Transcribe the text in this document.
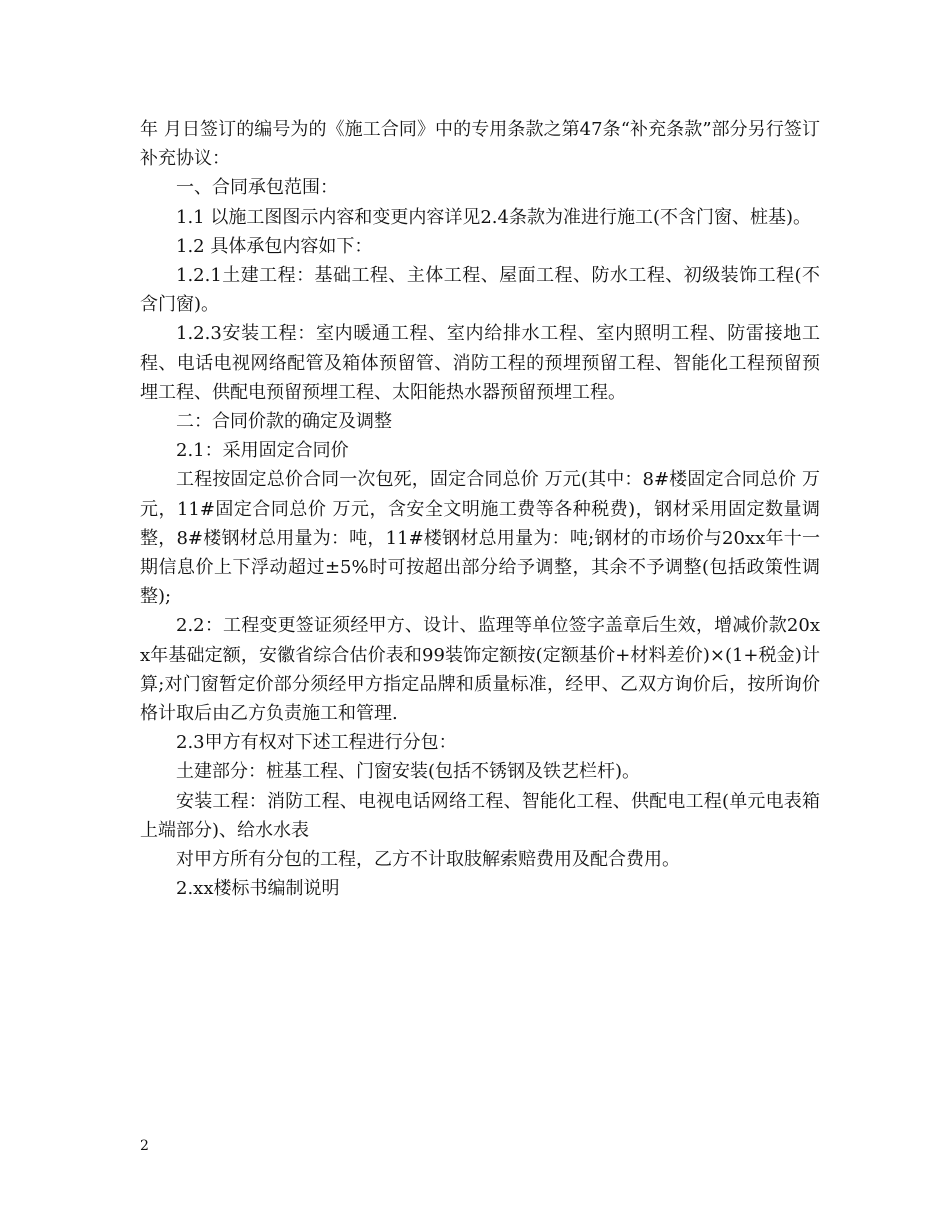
年 月日签订的编号为的《施工合同》中的专用条款之第47条“补充条款”部分另行签订补充协议：

一、合同承包范围：

1.1 以施工图图示内容和变更内容详见2.4条款为准进行施工(不含门窗、桩基)。

1.2 具体承包内容如下：

1.2.1土建工程：基础工程、主体工程、屋面工程、防水工程、初级装饰工程(不含门窗)。

1.2.3安装工程：室内暖通工程、室内给排水工程、室内照明工程、防雷接地工程、电话电视网络配管及箱体预留管、消防工程的预埋预留工程、智能化工程预留预埋工程、供配电预留预埋工程、太阳能热水器预留预埋工程。

二：合同价款的确定及调整

2.1：采用固定合同价

工程按固定总价合同一次包死，固定合同总价 万元(其中：8#楼固定合同总价 万元，11#固定合同总价 万元，含安全文明施工费等各种税费)，钢材采用固定数量调整，8#楼钢材总用量为：吨，11#楼钢材总用量为：吨;钢材的市场价与20xx年十一期信息价上下浮动超过±5%时可按超出部分给予调整，其余不予调整(包括政策性调整);

2.2：工程变更签证须经甲方、设计、监理等单位签字盖章后生效，增减价款20xx年基础定额，安徽省综合估价表和99装饰定额按(定额基价+材料差价)×(1+税金)计算;对门窗暂定价部分须经甲方指定品牌和质量标准，经甲、乙双方询价后，按所询价格计取后由乙方负责施工和管理.

2.3甲方有权对下述工程进行分包：

土建部分：桩基工程、门窗安装(包括不锈钢及铁艺栏杆)。

安装工程：消防工程、电视电话网络工程、智能化工程、供配电工程(单元电表箱上端部分)、给水水表

对甲方所有分包的工程，乙方不计取肢解索赔费用及配合费用。

2.xx楼标书编制说明

2
